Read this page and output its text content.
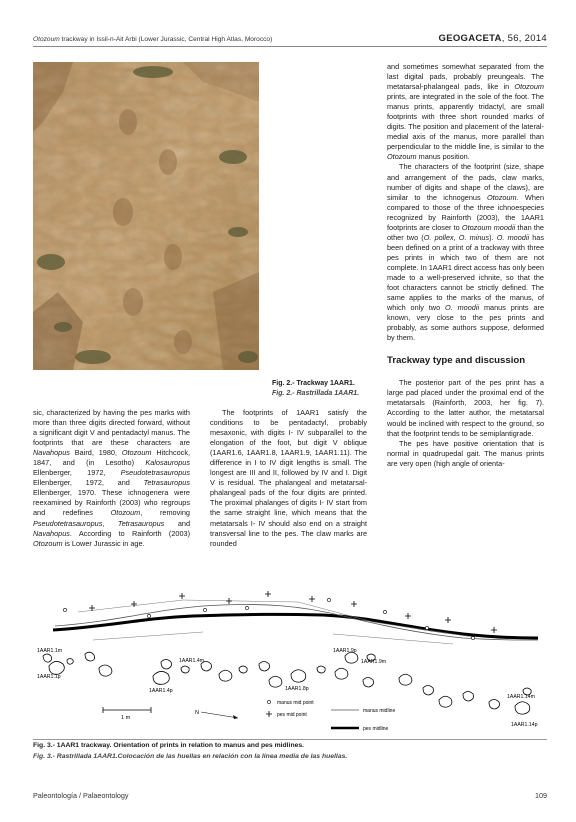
Otozoum trackway in Issil-n-Ait Arbi (Lower Jurassic, Central High Atlas, Morocco)	GEOGACETA, 56, 2014
Fig. 2.- Trackway 1AAR1.
Fig. 2.- Rastrillada 1AAR1.

sic, characterized by having the pes marks with more than three digits directed forward, without a significant digit V and pentadactyl manus. The footprints that are these characters are Navahopus Baird, 1980, Otozoum Hitchcock, 1847, and (in Lesotho) Kalosauropus Ellenberger, 1972, Pseudotetrasauropus Ellenberger, 1972, and Tetrasauropus Ellenberger, 1970. These ichnogenera were reexamined by Rainforth (2003) who regroups and redefines Otozoum, removing Pseudotetrasauropus, Tetrasauropus and Navahopus. According to Rainforth (2003) Otozoum is Lower Jurassic in age.

The footprints of 1AAR1 satisfy the conditions to be pentadactyl, probably mesaxonic, with digits I- IV subparallel to the elongation of the foot, but digit V oblique (1AAR1.6, 1AAR1.8, 1AAR1.9, 1AAR1.11). The difference in I to IV digit lengths is small. The longest are III and II, followed by IV and I. Digit V is residual. The phalangeal and metatarsal-phalangeal pads of the four digits are printed. The proximal phalanges of digits I- IV start from the same straight line, which means that the metatarsals I- IV should also end on a straight transversal line to the pes. The claw marks are rounded

and sometimes somewhat separated from the last digital pads, probably preungeals. The metatarsal-phalangeal pads, like in Otozoum prints, are integrated in the sole of the foot. The manus prints, apparently tridactyl, are small footprints with three short rounded marks of digits. The position and placement of the lateral- medial axis of the manus, more parallel than perpendicular to the middle line, is similar to the Otozoum manus position.

The characters of the footprint (size, shape and arrangement of the pads, claw marks, number of digits and shape of the claws), are similar to the ichnogenus Otozoum. When compared to those of the three ichnoespecies recognized by Rainforth (2003), the 1AAR1 footprints are closer to Otozoum moodii than the other two (O. pollex, O. minus). O. moodii has been defined on a print of a trackway with three pes prints in which two of them are not complete. In 1AAR1 direct access has only been made to a well-preserved ichnite, so that the foot characters cannot be strictly defined. The same applies to the marks of the manus, of which only two O. moodii manus prints are known, very close to the pes prints and probably, as some authors suppose, deformed by them.

Trackway type and discussion

The posterior part of the pes print has a large pad placed under the proximal end of the metatarsals (Rainforth, 2003, her fig. 7). According to the latter author, the metatarsal would be inclined with respect to the ground, so that the footprint tends to be semiplantigrade.

The pes have positive orientation that is normal in quadrupedal gait. The manus prints are very open (high angle of orienta-

1AAR1.1m
1AAR1.1p
1AAR1.4m
1AAR1.4p	1AAR1.8p
1AAR1.9p
1AAR1.9m
1AAR1.14m
1AAR1.14p
1 m
N
manus mid point
pes mid point
manus midline
pes midline
Fig. 3.- 1AAR1 trackway. Orientation of prints in relation to manus and pes midlines.
Fig. 3.- Rastrillada 1AAR1.Colocación de las huellas en relación con la línea media de las huellas.
Paleontología / Palaeontology	109
